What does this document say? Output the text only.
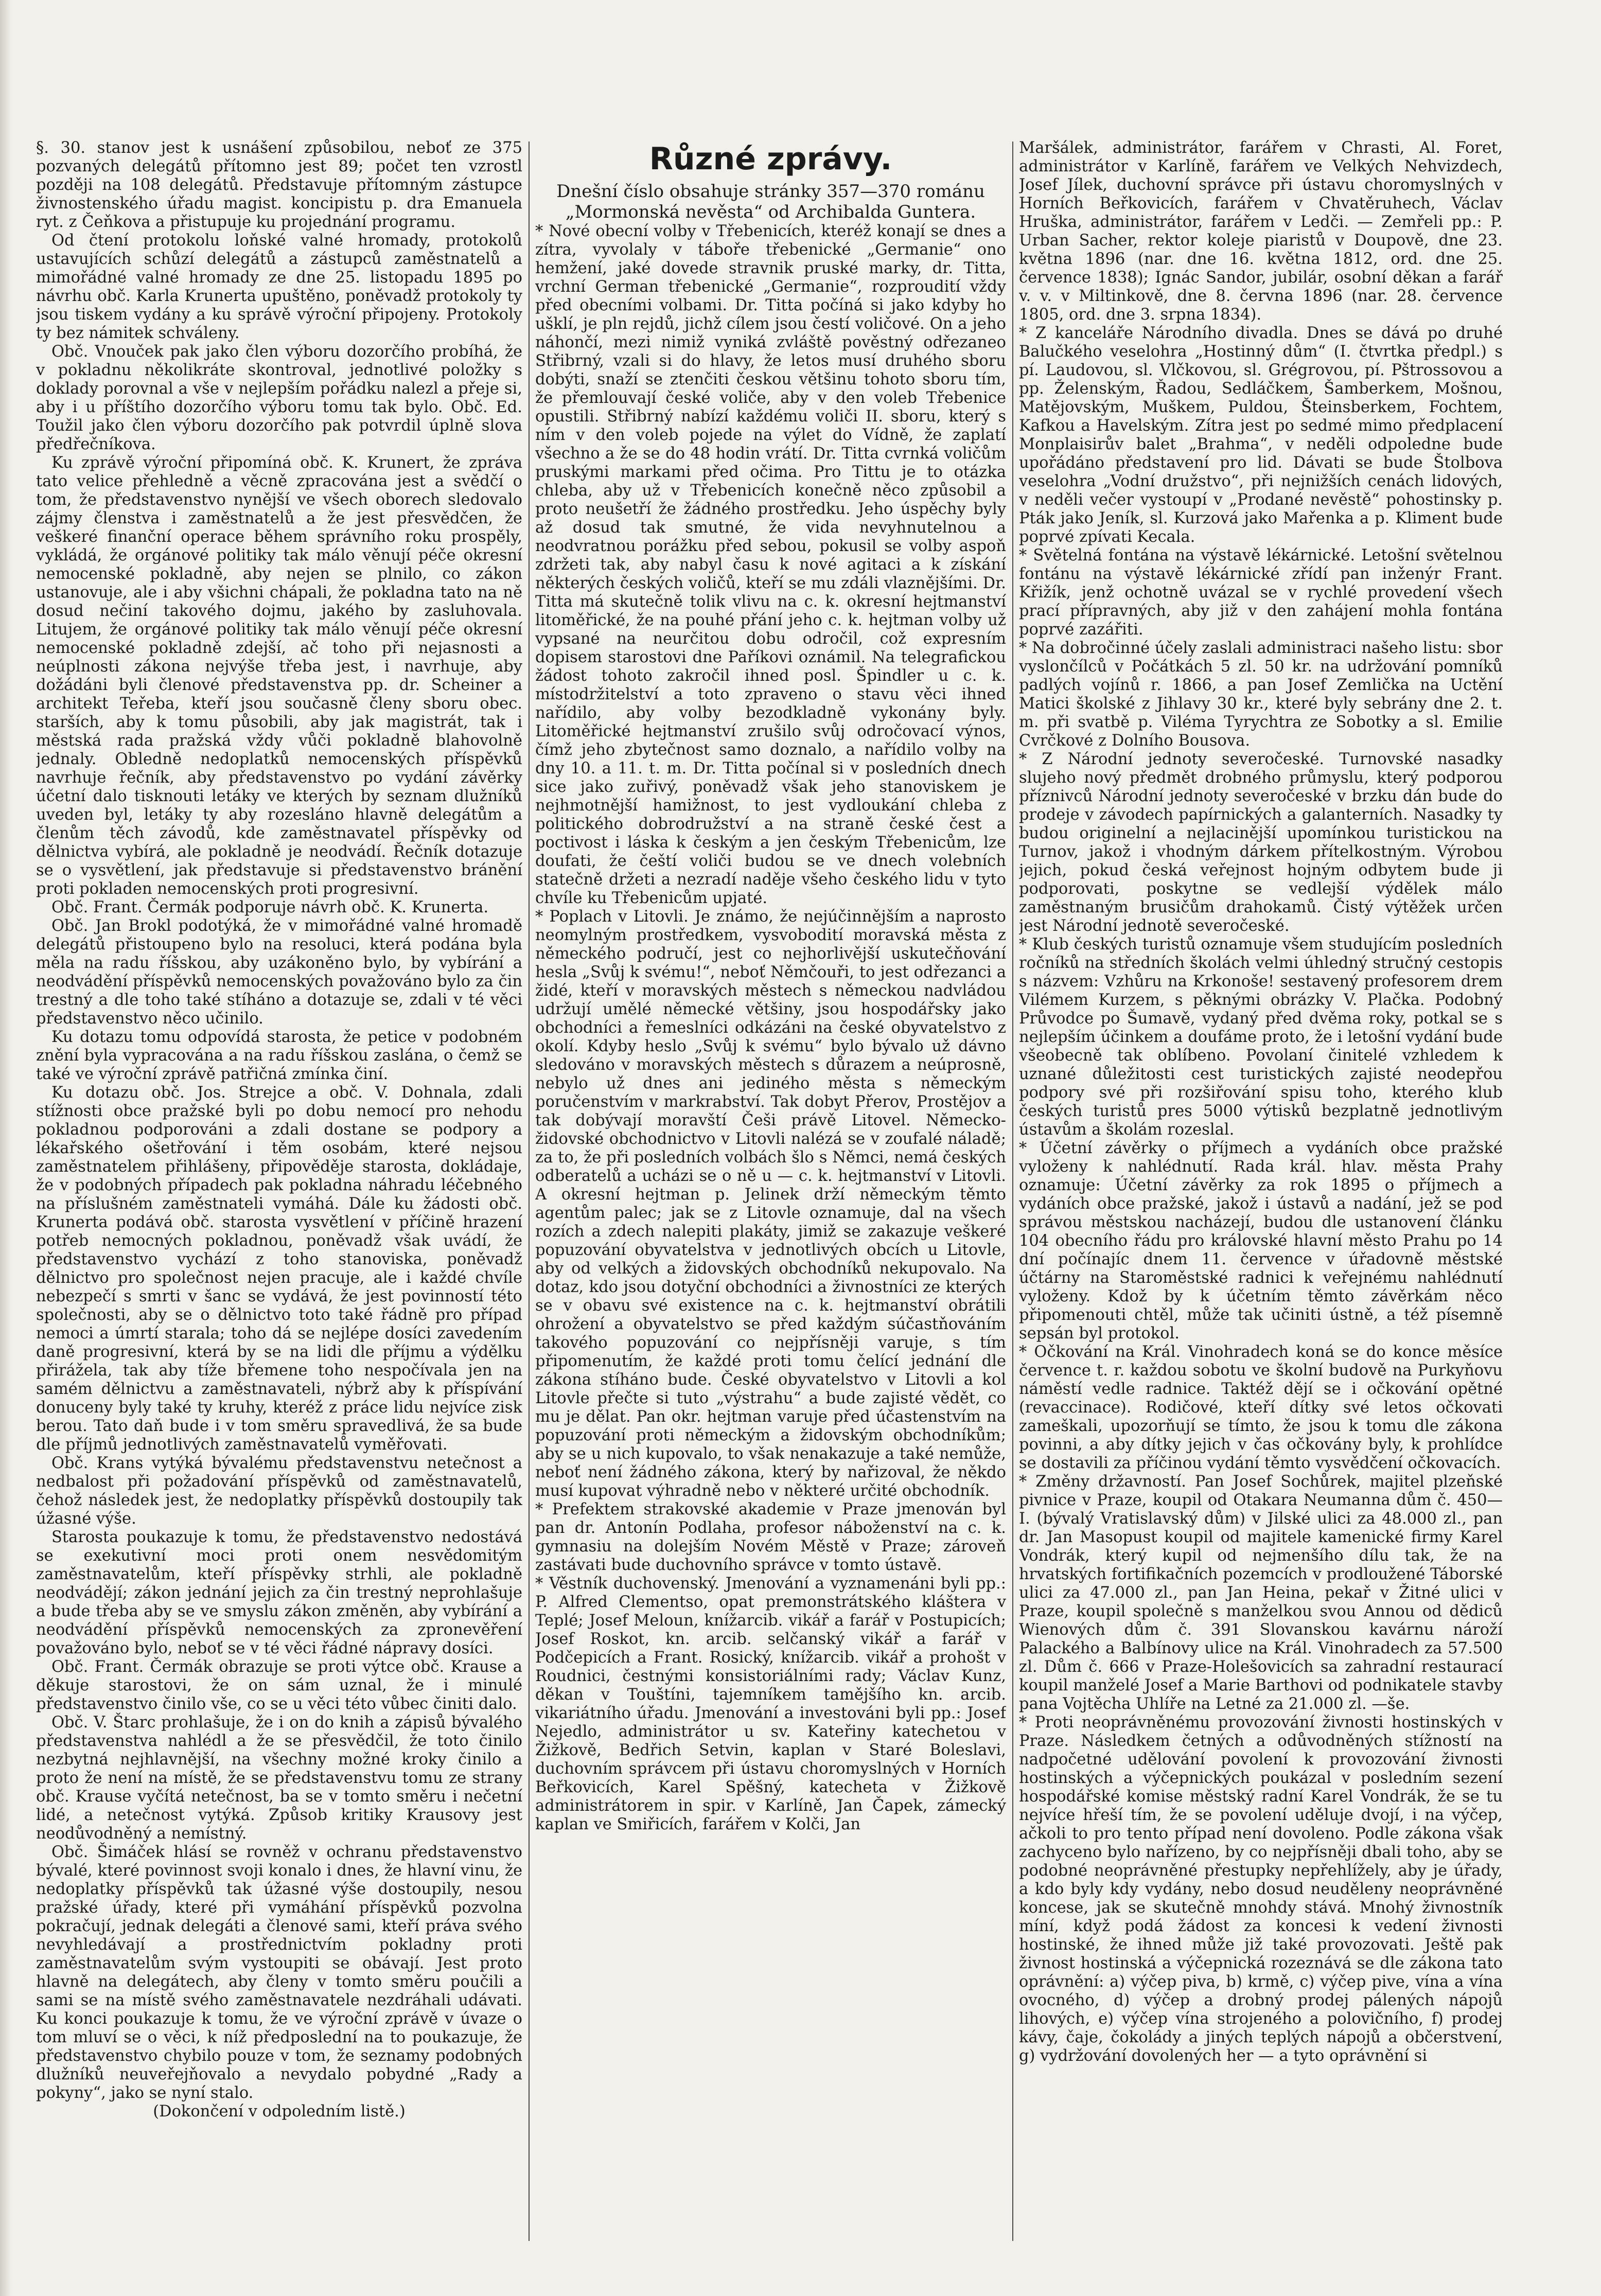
§. 30. stanov jest k usnášení způsobilou, neboť ze 375 pozvaných delegátů přítomno jest 89; počet ten vzrostl později na 108 delegátů. Představuje přítomným zástupce živnostenského úřadu magist. koncipistu p. dra Emanuela ryt. z Čeňkova a přistupuje ku projednání programu.

Od čtení protokolu loňské valné hromady, protokolů ustavujících schůzí delegátů a zástupců zaměstnatelů a mimořádné valné hromady ze dne 25. listopadu 1895 po návrhu obč. Karla Krunerta upuštěno, poněvadž protokoly ty jsou tiskem vydány a ku správě výroční připojeny. Protokoly ty bez námitek schváleny.

Obč. Vnouček pak jako člen výboru dozorčího probíhá, že v pokladnu několikráte skontroval, jednotlivé položky s doklady porovnal a vše v nejlepším pořádku nalezl a přeje si, aby i u příštího dozorčího výboru tomu tak bylo. Obč. Ed. Toužil jako člen výboru dozorčího pak potvrdil úplně slova předřečníkova.

Ku zprávě výroční připomíná obč. K. Krunert, že zpráva tato velice přehledně a věcně zpracována jest a svědčí o tom, že představenstvo nynější ve všech oborech sledovalo zájmy členstva i zaměstnatelů a že jest přesvědčen, že veškeré finanční operace během správního roku prospěly, vykládá, že orgánové politiky tak málo věnují péče okresní nemocenské pokladně, aby nejen se plnilo, co zákon ustanovuje, ale i aby všichni chápali, že pokladna tato na ně dosud nečiní takového dojmu, jakého by zasluhovala. Litujem, že orgánové politiky tak málo věnují péče okresní nemocenské pokladně zdejší, ač toho při nejasnosti a neúplnosti zákona nejvýše třeba jest, i navrhuje, aby dožádáni byli členové představenstva pp. dr. Scheiner a architekt Teřeba, kteří jsou současně členy sboru obec. starších, aby k tomu působili, aby jak magistrát, tak i městská rada pražská vždy vůči pokladně blahovolně jednaly. Obledně nedoplatků nemocenských příspěvků navrhuje řečník, aby představenstvo po vydání závěrky účetní dalo tisknouti letáky ve kterých by seznam dlužníků uveden byl, letáky ty aby rozesláno hlavně delegátům a členům těch závodů, kde zaměstnavatel příspěvky od dělnictva vybírá, ale pokladně je neodvádí. Řečník dotazuje se o vysvětlení, jak představuje si představenstvo bránění proti pokladen nemocenských proti progresivní.

Obč. Frant. Čermák podporuje návrh obč. K. Krunerta.

Obč. Jan Brokl podotýká, že v mimořádné valné hromadě delegátů přistoupeno bylo na resoluci, která podána byla měla na radu říšskou, aby uzákoněno bylo, by vybírání a neodvádění příspěvků nemocenských považováno bylo za čin trestný a dle toho také stíháno a dotazuje se, zdali v té věci představenstvo něco učinilo.

Ku dotazu tomu odpovídá starosta, že petice v podobném znění byla vypracována a na radu říšskou zaslána, o čemž se také ve výroční zprávě patřičná zmínka činí.

Ku dotazu obč. Jos. Strejce a obč. V. Dohnala, zdali stížnosti obce pražské byli po dobu nemocí pro nehodu pokladnou podporováni a zdali dostane se podpory a lékařského ošetřování i těm osobám, které nejsou zaměstnatelem přihlášeny, připověděje starosta, dokládaje, že v podobných případech pak pokladna náhradu léčebného na příslušném zaměstnateli vymáhá. Dále ku žádosti obč. Krunerta podává obč. starosta vysvětlení v příčině hrazení potřeb nemocných pokladnou, poněvadž však uvádí, že představenstvo vychází z toho stanoviska, poněvadž dělnictvo pro společnost nejen pracuje, ale i každé chvíle nebezpečí s smrti v šanc se vydává, že jest povinností této společnosti, aby se o dělnictvo toto také řádně pro případ nemoci a úmrtí starala; toho dá se nejlépe dosíci zavedením daně progresivní, která by se na lidi dle příjmu a výdělku přirážela, tak aby tíže břemene toho nespočívala jen na samém dělnictvu a zaměstnavateli, nýbrž aby k příspívání donuceny byly také ty kruhy, kteréž z práce lidu nejvíce zisk berou. Tato daň bude i v tom směru spravedlivá, že sa bude dle příjmů jednotlivých zaměstnavatelů vyměřovati.

Obč. Krans vytýká bývalému představenstvu netečnost a nedbalost při požadování příspěvků od zaměstnavatelů, čehož následek jest, že nedoplatky příspěvků dostoupily tak úžasné výše.

Starosta poukazuje k tomu, že představenstvo nedostává se exekutivní moci proti onem nesvědomitým zaměstnavatelům, kteří příspěvky strhli, ale pokladně neodvádějí; zákon jednání jejich za čin trestný neprohlašuje a bude třeba aby se ve smyslu zákon změněn, aby vybírání a neodvádění příspěvků nemocenských za zpronevěření považováno bylo, neboť se v té věci řádné nápravy dosíci.

Obč. Frant. Čermák obrazuje se proti výtce obč. Krause a děkuje starostovi, že on sám uznal, že i minulé představenstvo činilo vše, co se u věci této vůbec činiti dalo.

Obč. V. Štarc prohlašuje, že i on do knih a zápisů bývalého představenstva nahlédl a že se přesvědčil, že toto činilo nezbytná nejhlavnější, na všechny možné kroky činilo a proto že není na místě, že se představenstvu tomu ze strany obč. Krause vyčítá netečnost, ba se v tomto směru i nečetní lidé, a netečnost vytýká. Způsob kritiky Krausovy jest neodůvodněný a nemístný.

Obč. Šimáček hlásí se rovněž v ochranu představenstvo bývalé, které povinnost svoji konalo i dnes, že hlavní vinu, že nedoplatky příspěvků tak úžasné výše dostoupily, nesou pražské úřady, které při vymáhání příspěvků pozvolna pokračují, jednak delegáti a členové sami, kteří práva svého nevyhledávají a prostřednictvím pokladny proti zaměstnavatelům svým vystoupiti se obávají. Jest proto hlavně na delegátech, aby členy v tomto směru poučili a sami se na místě svého zaměstnavatele nezdráhali udávati. Ku konci poukazuje k tomu, že ve výroční zprávě v úvaze o tom mluví se o věci, k níž předposlední na to poukazuje, že představenstvo chybilo pouze v tom, že seznamy podobných dlužníků neuveřejňovalo a nevydalo pobydné „Rady a pokyny“, jako se nyní stalo.

(Dokončení v odpoledním listě.)

Různé zprávy.

Dnešní číslo obsahuje stránky 357—370 románu „Mormonská nevěsta“ od Archibalda Guntera.

* Nové obecní volby v Třebenicích, kteréž konají se dnes a zítra, vyvolaly v táboře třebenické „Germanie“ ono hemžení, jaké dovede stravnik pruské marky, dr. Titta, vrchní German třebenické „Germanie“, rozproudití vždy před obecními volbami. Dr. Titta počíná si jako kdyby ho ušklí, je pln rejdů, jichž cílem jsou čestí voličové. On a jeho náhončí, mezi nimiž vyniká zvláště pověstný odřezaneo Střibrný, vzali si do hlavy, že letos musí druhého sboru dobýti, snaží se ztenčiti českou většinu tohoto sboru tím, že přemlouvají české voliče, aby v den voleb Třebenice opustili. Střibrný nabízí každému voliči II. sboru, který s ním v den voleb pojede na výlet do Vídně, že zaplatí všechno a že se do 48 hodin vrátí. Dr. Titta cvrnká voličům pruskými markami před očima. Pro Tittu je to otázka chleba, aby už v Třebenicích konečně něco způsobil a proto neušetří že žádného prostředku. Jeho úspěchy byly až dosud tak smutné, že vida nevyhnutelnou a neodvratnou porážku před sebou, pokusil se volby aspoň zdržeti tak, aby nabyl času k nové agitaci a k získání některých českých voličů, kteří se mu zdáli vlaznějšími. Dr. Titta má skutečně tolik vlivu na c. k. okresní hejtmanství litoměřické, že na pouhé přání jeho c. k. hejtman volby už vypsané na neurčitou dobu odročil, což expresním dopisem starostovi dne Paříkovi oznámil. Na telegrafickou žádost tohoto zakročil ihned posl. Špindler u c. k. místodržitelství a toto zpraveno o stavu věci ihned nařídilo, aby volby bezodkladně vykonány byly. Litoměřické hejtmanství zrušilo svůj odročovací výnos, čímž jeho zbytečnost samo doznalo, a nařídilo volby na dny 10. a 11. t. m. Dr. Titta počínal si v posledních dnech sice jako zuřivý, poněvadž však jeho stanoviskem je nejhmotnější hamižnost, to jest vydloukání chleba z politického dobrodružství a na straně české čest a poctivost i láska k českým a jen českým Třebenicům, lze doufati, že čeští voliči budou se ve dnech volebních statečně držeti a nezradí naděje všeho českého lidu v tyto chvíle ku Třebenicům upjaté.

* Poplach v Litovli. Je známo, že nejúčinnějším a naprosto neomylným prostředkem, vysvobodití moravská města z německého područí, jest co nejhorlivější uskutečňování hesla „Svůj k svému!“, neboť Němčouři, to jest odřezanci a židé, kteří v moravských městech s německou nadvládou udržují umělé německé většiny, jsou hospodářsky jako obchodníci a řemeslníci odkázáni na české obyvatelstvo z okolí. Kdyby heslo „Svůj k svému“ bylo bývalo už dávno sledováno v moravských městech s důrazem a neúprosně, nebylo už dnes ani jediného města s německým poručenstvím v markrabství. Tak dobyt Přerov, Prostějov a tak dobývají moravští Češi právě Litovel. Německo-židovské obchodnictvo v Litovli nalézá se v zoufalé náladě; za to, že při posledních volbách šlo s Němci, nemá českých odberatelů a ucházi se o ně u — c. k. hejtmanství v Litovli. A okresní hejtman p. Jelinek drží německým těmto agentům palec; jak se z Litovle oznamuje, dal na všech rozích a zdech nalepiti plakáty, jimiž se zakazuje veškeré popuzování obyvatelstva v jednotlivých obcích u Litovle, aby od velkých a židovských obchodníků nekupovalo. Na dotaz, kdo jsou dotyční obchodníci a živnostníci ze kterých se v obavu své existence na c. k. hejtmanství obrátili ohrožení a obyvatelstvo se před každým súčastňováním takového popuzování co nejpřísněji varuje, s tím připomenutím, že každé proti tomu čelící jednání dle zákona stíháno bude. České obyvatelstvo v Litovli a kol Litovle přečte si tuto „výstrahu“ a bude zajisté vědět, co mu je dělat. Pan okr. hejtman varuje před účastenstvím na popuzování proti německým a židovským obchodníkům; aby se u nich kupovalo, to však nenakazuje a také nemůže, neboť není žádného zákona, který by nařizoval, že někdo musí kupovat výhradně nebo v některé určité obchodník.

* Prefektem strakovské akademie v Praze jmenován byl pan dr. Antonín Podlaha, profesor náboženství na c. k. gymnasiu na dolejším Novém Městě v Praze; zároveň zastávati bude duchovního správce v tomto ústavě.

* Věstník duchovenský. Jmenování a vyznamenáni byli pp.: P. Alfred Clementso, opat premonstrátského kláštera v Teplé; Josef Meloun, knížarcib. vikář a farář v Postupicích; Josef Roskot, kn. arcib. selčanský vikář a farář v Podčepicích a Frant. Rosický, knížarcib. vikář a prohošt v Roudnici, čestnými konsistoriálními rady; Václav Kunz, děkan v Touštíni, tajemníkem tamějšího kn. arcib. vikariátního úřadu. Jmenování a investováni byli pp.: Josef Nejedlo, administrátor u sv. Kateřiny katechetou v Žižkově, Bedřich Setvin, kaplan v Staré Boleslavi, duchovním správcem při ústavu choromyslných v Horních Beřkovicích, Karel Spěšný, katecheta v Žižkově administrátorem in spir. v Karlíně, Jan Čapek, zámecký kaplan ve Smiřicích, farářem v Kolči, Jan

Maršálek, administrátor, farářem v Chrasti, Al. Foret, administrátor v Karlíně, farářem ve Velkých Nehvizdech, Josef Jílek, duchovní správce při ústavu choromyslných v Horních Beřkovicích, farářem v Chvatěruhech, Václav Hruška, administrátor, farářem v Ledči. — Zemřeli pp.: P. Urban Sacher, rektor koleje piaristů v Doupově, dne 23. května 1896 (nar. dne 16. května 1812, ord. dne 25. července 1838); Ignác Sandor, jubilár, osobní děkan a farář v. v. v Miltinkově, dne 8. června 1896 (nar. 28. července 1805, ord. dne 3. srpna 1834).

* Z kanceláře Národního divadla. Dnes se dává po druhé Balučkého veselohra „Hostinný dům“ (I. čtvrtka předpl.) s pí. Laudovou, sl. Vlčkovou, sl. Grégrovou, pí. Pštrossovou a pp. Želenským, Řadou, Sedláčkem, Šamberkem, Mošnou, Matějovským, Muškem, Puldou, Šteinsberkem, Fochtem, Kafkou a Havelským. Zítra jest po sedmé mimo předplacení Monplaisirův balet „Brahma“, v neděli odpoledne bude upořádáno představení pro lid. Dávati se bude Štolbova veselohra „Vodní družstvo“, při nejnižších cenách lidových, v neděli večer vystoupí v „Prodané nevěstě“ pohostinsky p. Pták jako Jeník, sl. Kurzová jako Mařenka a p. Kliment bude poprvé zpívati Kecala.

* Světelná fontána na výstavě lékárnické. Letošní světelnou fontánu na výstavě lékárnické zřídí pan inženýr Frant. Křižík, jenž ochotně uvázal se v rychlé provedení všech prací přípravných, aby již v den zahájení mohla fontána poprvé zazářiti.

* Na dobročinné účely zaslali administraci našeho listu: sbor vyslončílců v Počátkách 5 zl. 50 kr. na udržování pomníků padlých vojínů r. 1866, a pan Josef Zemlička na Uctění Matici školské z Jihlavy 30 kr., které byly sebrány dne 2. t. m. při svatbě p. Viléma Tyrychtra ze Sobotky a sl. Emilie Cvrčkové z Dolního Bousova.

* Z Národní jednoty severočeské. Turnovské nasadky slujeho nový předmět drobného průmyslu, který podporou příznivců Národní jednoty severočeské v brzku dán bude do prodeje v závodech papírnických a galanterních. Nasadky ty budou originelní a nejlacinější upomínkou turistickou na Turnov, jakož i vhodným dárkem přítelkostným. Výrobou jejich, pokud česká veřejnost hojným odbytem bude ji podporovati, poskytne se vedlejší výdělek málo zaměstnaným brusičům drahokamů. Čistý výtěžek určen jest Národní jednotě severočeské.

* Klub českých turistů oznamuje všem studujícím posledních ročníků na středních školách velmi úhledný stručný cestopis s názvem: Vzhůru na Krkonoše! sestavený profesorem drem Vilémem Kurzem, s pěknými obrázky V. Plačka. Podobný Průvodce po Šumavě, vydaný před dvěma roky, potkal se s nejlepším účinkem a doufáme proto, že i letošní vydání bude všeobecně tak oblíbeno. Povolaní činitelé vzhledem k uznané důležitosti cest turistických zajisté neodepřou podpory své při rozšiřování spisu toho, kterého klub českých turistů pres 5000 výtisků bezplatně jednotlivým ústavům a školám rozeslal.

* Účetní závěrky o příjmech a vydáních obce pražské vyloženy k nahlédnutí. Rada král. hlav. města Prahy oznamuje: Účetní závěrky za rok 1895 o příjmech a vydáních obce pražské, jakož i ústavů a nadání, jež se pod správou městskou nacházejí, budou dle ustanovení článku 104 obecního řádu pro královské hlavní město Prahu po 14 dní počínajíc dnem 11. července v úřadovně městské účtárny na Staroměstské radnici k veřejnému nahlédnutí vyloženy. Kdož by k účetním těmto závěrkám něco připomenouti chtěl, může tak učiniti ústně, a též písemně sepsán byl protokol.

* Očkování na Král. Vinohradech koná se do konce měsíce července t. r. každou sobotu ve školní budově na Purkyňovu náměstí vedle radnice. Taktéž dějí se i očkování opětné (revaccinace). Rodičové, kteří dítky své letos očkovati zameškali, upozorňují se tímto, že jsou k tomu dle zákona povinni, a aby dítky jejich v čas očkovány byly, k prohlídce se dostavili za příčinou vydání těmto vysvědčení očkovacích.

* Změny državností. Pan Josef Sochůrek, majitel plzeňské pivnice v Praze, koupil od Otakara Neumanna dům č. 450—I. (bývalý Vratislavský dům) v Jilské ulici za 48.000 zl., pan dr. Jan Masopust koupil od majitele kamenické firmy Karel Vondrák, který kupil od nejmenšího dílu tak, že na hrvatských fortifikačních pozemcích v prodloužené Táborské ulici za 47.000 zl., pan Jan Heina, pekař v Žitné ulici v Praze, koupil společně s manželkou svou Annou od dědiců Wienových dům č. 391 Slovanskou kavárnu nároží Palackého a Balbínovy ulice na Král. Vinohradech za 57.500 zl. Dům č. 666 v Praze-Holešovicích sa zahradní restaurací koupil manželé Josef a Marie Barthovi od podnikatele stavby pana Vojtěcha Uhlíře na Letné za 21.000 zl. —še.

* Proti neoprávněnému provozování živnosti hostinských v Praze. Následkem četných a odůvodněných stížností na nadpočetné udělování povolení k provozování živnosti hostinských a výčepnických poukázal v posledním sezení hospodářské komise městský radní Karel Vondrák, že se tu nejvíce hřeší tím, že se povolení uděluje dvojí, i na výčep, ačkoli to pro tento případ není dovoleno. Podle zákona však zachyceno bylo nařízeno, by co nejpřísněji dbali toho, aby se podobné neoprávněné přestupky nepřehlížely, aby je úřady, a kdo byly kdy vydány, nebo dosud neuděleny neoprávněné koncese, jak se skutečně mnohdy stává. Mnohý živnostník míní, když podá žádost za koncesi k vedení živnosti hostinské, že ihned může již také provozovati. Ještě pak živnost hostinská a výčepnická rozeznává se dle zákona tato oprávnění: a) výčep piva, b) krmě, c) výčep pive, vína a vína ovocného, d) výčep a drobný prodej pálených nápojů lihových, e) výčep vína strojeného a polovičního, f) prodej kávy, čaje, čokolády a jiných teplých nápojů a občerstvení, g) vydržování dovolených her — a tyto oprávnění si
